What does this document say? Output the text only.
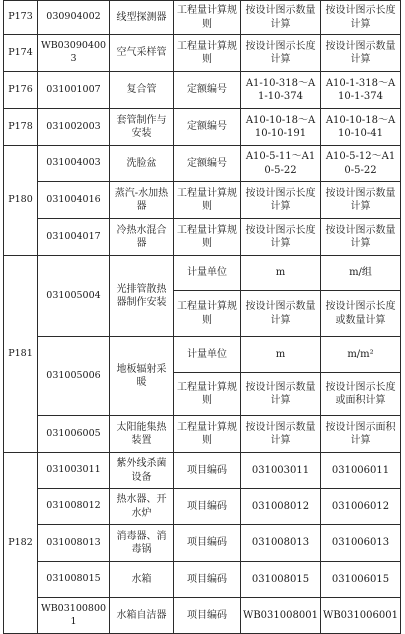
P173	030904002	线型探测器	工程量计算规则	按设计图示数量计算	按设计图示长度计算
P174	WB030904003	空气采样管	工程量计算规则	按设计图示长度计算	按设计图示数量计算
P176	031001007	复合管	定额编号	A1-10-318～A1-10-374	A10-1-318～A10-1-374
P178	031002003	套管制作与安装	定额编号	A10-10-18～A10-10-191	A10-10-18～A10-10-41
P180	031004003	洗脸盆	定额编号	A10-5-11～A10-5-22	A10-5-12～A10-5-22
	031004016	蒸汽-水加热器	工程量计算规则	按设计图示长度计算	按设计图示数量计算
	031004017	冷热水混合器	工程量计算规则	按设计图示长度计算	按设计图示数量计算
P181	031005004	光排管散热器制作安装	计量单位	m	m/组
			工程量计算规则	按设计图示数量计算	按设计图示长度或数量计算
	031005006	地板辐射采暖	计量单位	m	m/m²
			工程量计算规则	按设计图示数量计算	按设计图示长度或面积计算
	031006005	太阳能集热装置	工程量计算规则	按设计图示数量计算	按设计图示面积计算
P182	031003011	紫外线杀菌设备	项目编码	031003011	031006011
	031008012	热水器、开水炉	项目编码	031008012	031006012
	031008013	消毒器、消毒锅	项目编码	031008013	031006013
	031008015	水箱	项目编码	031008015	031006015
	WB031008001	水箱自洁器	项目编码	WB031008001	WB031006001
